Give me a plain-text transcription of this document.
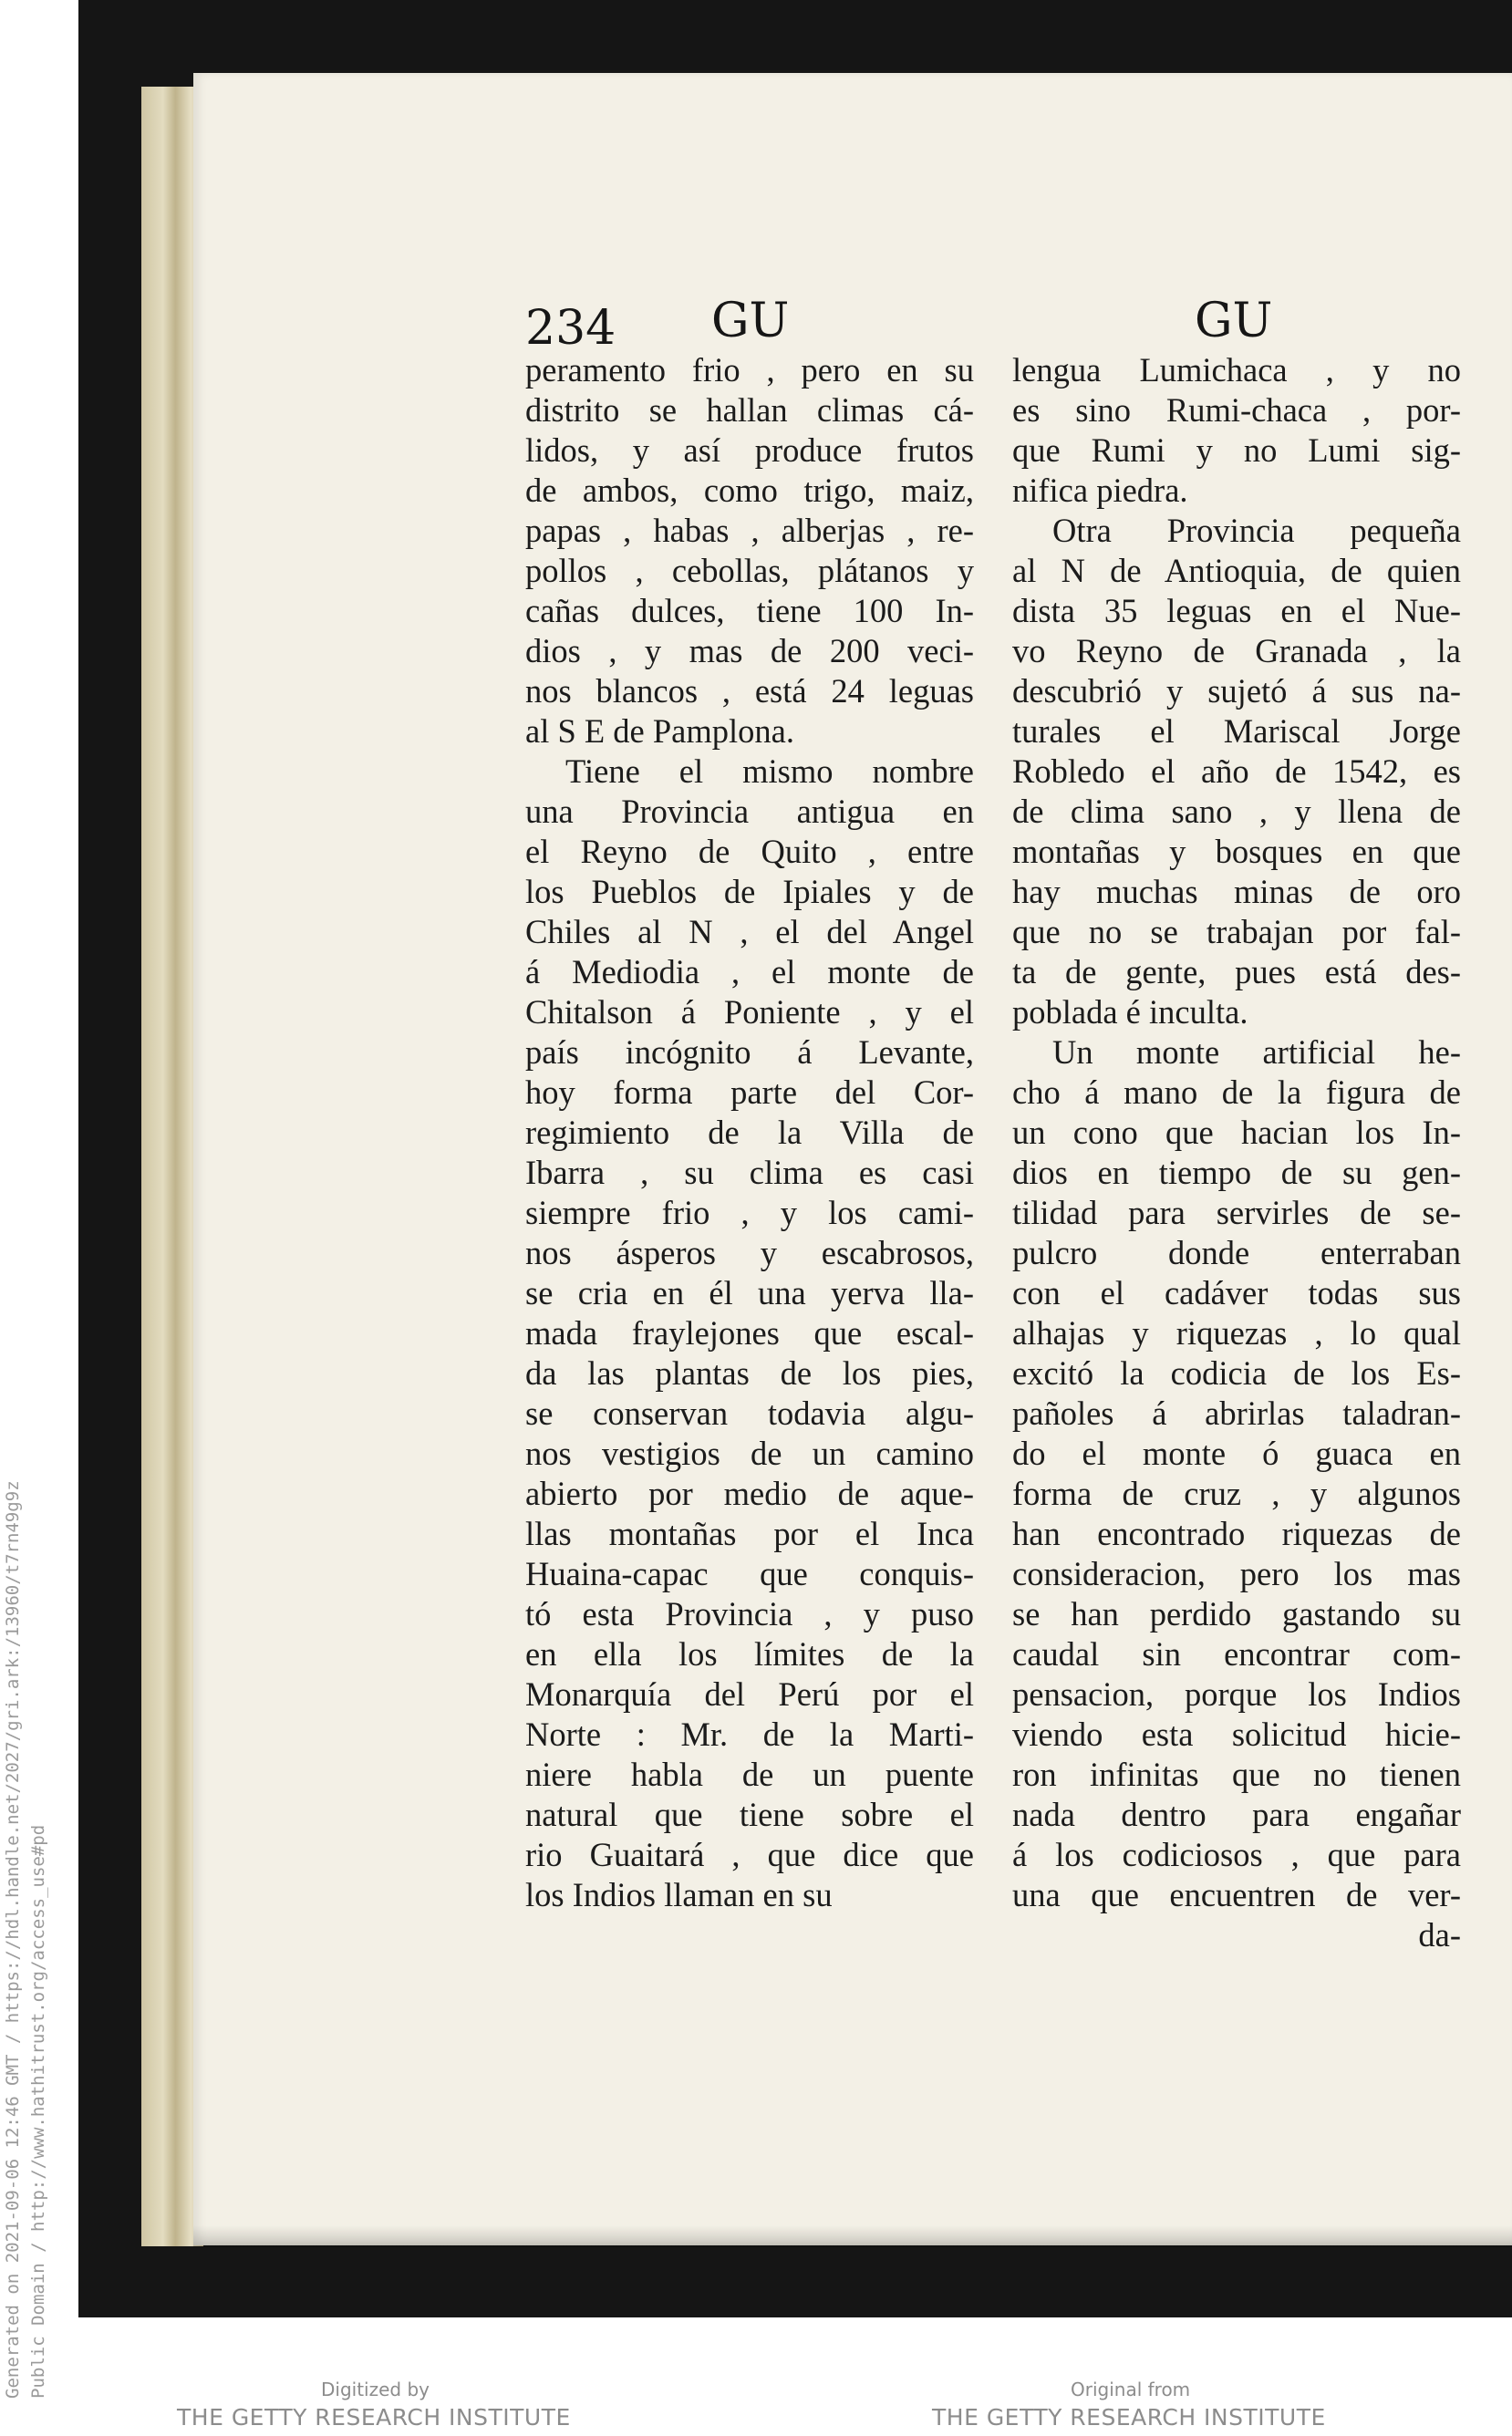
Generated on 2021-09-06 12:46 GMT / https://hdl.handle.net/2027/gri.ark:/13960/t7rn49g9z Public Domain / http://www.hathitrust.org/access_use#pd
234 GU	GU
peramento frio , pero en su
distrito se hallan climas cá-
lidos, y así produce frutos
de ambos, como trigo, maiz,
papas , habas , alberjas , re-
pollos , cebollas, plátanos y
cañas dulces, tiene 100 In-
dios , y mas de 200 veci-
nos blancos , está 24 leguas
al S E de Pamplona.
Tiene el mismo nombre
una Provincia antigua en
el Reyno de Quito , entre
los Pueblos de Ipiales y de
Chiles al N , el del Angel
á Mediodia , el monte de
Chitalson á Poniente , y el
país incógnito á Levante,
hoy forma parte del Cor-
regimiento de la Villa de
Ibarra , su clima es casi
siempre frio , y los cami-
nos ásperos y escabrosos,
se cria en él una yerva lla-
mada fraylejones que escal-
da las plantas de los pies,
se conservan todavia algu-
nos vestigios de un camino
abierto por medio de aque-
llas montañas por el Inca
Huaina-capac que conquis-
tó esta Provincia , y puso
en ella los límites de la
Monarquía del Perú por el
Norte : Mr. de la Marti-
niere habla de un puente
natural que tiene sobre el
rio Guaitará , que dice que
los Indios llaman en su
lengua Lumichaca , y no
es sino Rumi-chaca , por-
que Rumi y no Lumi sig-
nifica piedra.
Otra Provincia pequeña
al N de Antioquia, de quien
dista 35 leguas en el Nue-
vo Reyno de Granada , la
descubrió y sujetó á sus na-
turales el Mariscal Jorge
Robledo el año de 1542, es
de clima sano , y llena de
montañas y bosques en que
hay muchas minas de oro
que no se trabajan por fal-
ta de gente, pues está des-
poblada é inculta.
Un monte artificial he-
cho á mano de la figura de
un cono que hacian los In-
dios en tiempo de su gen-
tilidad para servirles de se-
pulcro donde enterraban
con el cadáver todas sus
alhajas y riquezas , lo qual
excitó la codicia de los Es-
pañoles á abrirlas taladran-
do el monte ó guaca en
forma de cruz , y algunos
han encontrado riquezas de
consideracion, pero los mas
se han perdido gastando su
caudal sin encontrar com-
pensacion, porque los Indios
viendo esta solicitud hicie-
ron infinitas que no tienen
nada dentro para engañar
á los codiciosos , que para
una que encuentren de ver-
da-
Digitized by
THE GETTY RESEARCH INSTITUTE
Original from
THE GETTY RESEARCH INSTITUTE
